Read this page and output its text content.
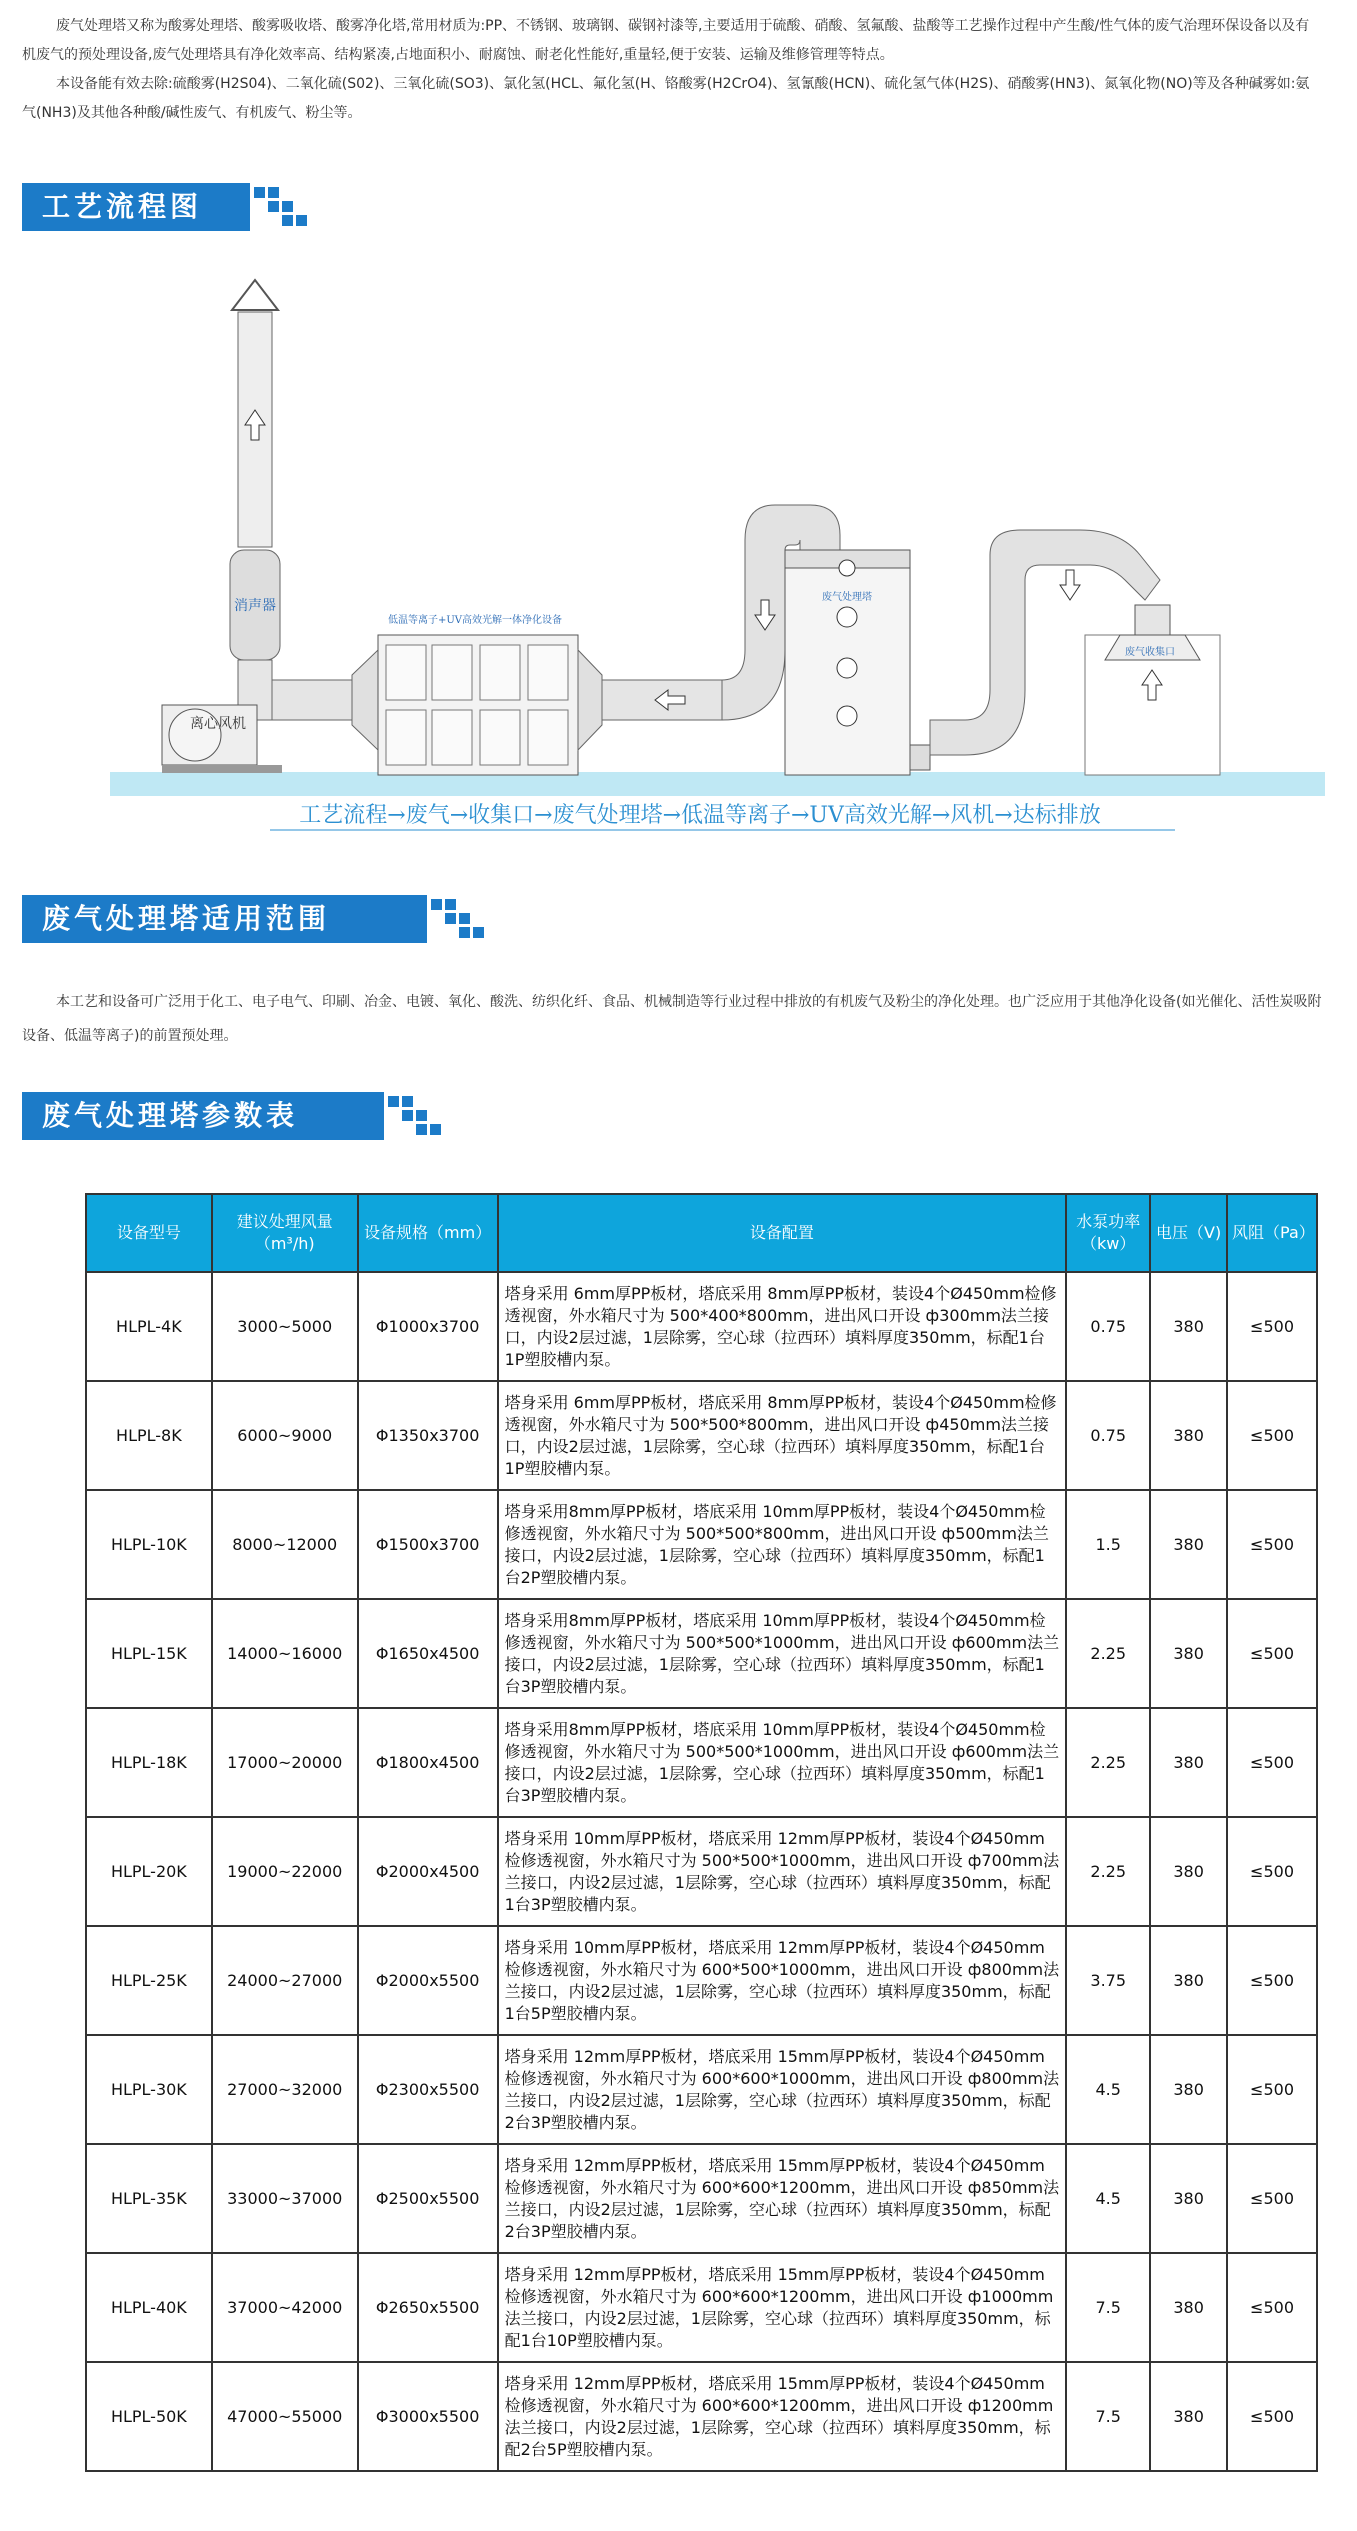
废气处理塔又称为酸雾处理塔、酸雾吸收塔、酸雾净化塔,常用材质为:PP、不锈钢、玻璃钢、碳钢衬漆等,主要适用于硫酸、硝酸、氢氟酸、盐酸等工艺操作过程中产生酸/性气体的废气治理环保设备以及有机废气的预处理设备,废气处理塔具有净化效率高、结构紧凑,占地面积小、耐腐蚀、耐老化性能好,重量轻,便于安装、运输及维修管理等特点。

本设备能有效去除:硫酸雾(H2S04)、二氧化硫(S02)、三氧化硫(SO3)、氯化氢(HCL、氟化氢(H、铬酸雾(H2CrO4)、氢氰酸(HCN)、硫化氢气体(H2S)、硝酸雾(HN3)、氮氧化物(NO)等及各种碱雾如:氨气(NH3)及其他各种酸/碱性废气、有机废气、粉尘等。

工艺流程图
消声器
离心风机
低温等离子+UV高效光解一体净化设备
废气处理塔
废气收集口
工艺流程→废气→收集口→废气处理塔→低温等离子→UV高效光解→风机→达标排放
废气处理塔适用范围

本工艺和设备可广泛用于化工、电子电气、印刷、冶金、电镀、氧化、酸洗、纺织化纤、食品、机械制造等行业过程中排放的有机废气及粉尘的净化处理。也广泛应用于其他净化设备(如光催化、活性炭吸附设备、低温等离子)的前置预处理。

废气处理塔参数表
设备型号	建议处理风量（m³/h)	设备规格（mm）	设备配置	水泵功率（kw）	电压（V)	风阻（Pa）
HLPL-4K	3000~5000	Φ1000x3700	塔身采用 6mm厚PP板材，塔底采用 8mm厚PP板材，装设4个Ø450mm检修透视窗，外水箱尺寸为 500*400*800mm，进出风口开设 ф300mm法兰接口，内设2层过滤，1层除雾，空心球（拉西环）填料厚度350mm，标配1台1P塑胶槽内泵。	0.75	380	≤500
HLPL-8K	6000~9000	Φ1350x3700	塔身采用 6mm厚PP板材，塔底采用 8mm厚PP板材，装设4个Ø450mm检修透视窗，外水箱尺寸为 500*500*800mm，进出风口开设 ф450mm法兰接口，内设2层过滤，1层除雾，空心球（拉西环）填料厚度350mm，标配1台1P塑胶槽内泵。	0.75	380	≤500
HLPL-10K	8000~12000	Φ1500x3700	塔身采用8mm厚PP板材，塔底采用 10mm厚PP板材，装设4个Ø450mm检修透视窗，外水箱尺寸为 500*500*800mm，进出风口开设 ф500mm法兰接口，内设2层过滤，1层除雾，空心球（拉西环）填料厚度350mm，标配1台2P塑胶槽内泵。	1.5	380	≤500
HLPL-15K	14000~16000	Φ1650x4500	塔身采用8mm厚PP板材，塔底采用 10mm厚PP板材，装设4个Ø450mm检修透视窗，外水箱尺寸为 500*500*1000mm，进出风口开设 ф600mm法兰接口，内设2层过滤，1层除雾，空心球（拉西环）填料厚度350mm，标配1台3P塑胶槽内泵。	2.25	380	≤500
HLPL-18K	17000~20000	Φ1800x4500	塔身采用8mm厚PP板材，塔底采用 10mm厚PP板材，装设4个Ø450mm检修透视窗，外水箱尺寸为 500*500*1000mm，进出风口开设 ф600mm法兰接口，内设2层过滤，1层除雾，空心球（拉西环）填料厚度350mm，标配1台3P塑胶槽内泵。	2.25	380	≤500
HLPL-20K	19000~22000	Φ2000x4500	塔身采用 10mm厚PP板材，塔底采用 12mm厚PP板材，装设4个Ø450mm检修透视窗，外水箱尺寸为 500*500*1000mm，进出风口开设 ф700mm法兰接口，内设2层过滤，1层除雾，空心球（拉西环）填料厚度350mm，标配1台3P塑胶槽内泵。	2.25	380	≤500
HLPL-25K	24000~27000	Φ2000x5500	塔身采用 10mm厚PP板材，塔底采用 12mm厚PP板材，装设4个Ø450mm检修透视窗，外水箱尺寸为 600*500*1000mm，进出风口开设 ф800mm法兰接口，内设2层过滤，1层除雾，空心球（拉西环）填料厚度350mm，标配1台5P塑胶槽内泵。	3.75	380	≤500
HLPL-30K	27000~32000	Φ2300x5500	塔身采用 12mm厚PP板材，塔底采用 15mm厚PP板材，装设4个Ø450mm检修透视窗，外水箱尺寸为 600*600*1000mm，进出风口开设 ф800mm法兰接口，内设2层过滤，1层除雾，空心球（拉西环）填料厚度350mm，标配2台3P塑胶槽内泵。	4.5	380	≤500
HLPL-35K	33000~37000	Φ2500x5500	塔身采用 12mm厚PP板材，塔底采用 15mm厚PP板材，装设4个Ø450mm检修透视窗，外水箱尺寸为 600*600*1200mm，进出风口开设 ф850mm法兰接口，内设2层过滤，1层除雾，空心球（拉西环）填料厚度350mm，标配2台3P塑胶槽内泵。	4.5	380	≤500
HLPL-40K	37000~42000	Φ2650x5500	塔身采用 12mm厚PP板材，塔底采用 15mm厚PP板材，装设4个Ø450mm检修透视窗，外水箱尺寸为 600*600*1200mm，进出风口开设 ф1000mm法兰接口，内设2层过滤，1层除雾，空心球（拉西环）填料厚度350mm，标配1台10P塑胶槽内泵。	7.5	380	≤500
HLPL-50K	47000~55000	Φ3000x5500	塔身采用 12mm厚PP板材，塔底采用 15mm厚PP板材，装设4个Ø450mm检修透视窗，外水箱尺寸为 600*600*1200mm，进出风口开设 ф1200mm法兰接口，内设2层过滤，1层除雾，空心球（拉西环）填料厚度350mm，标配2台5P塑胶槽内泵。	7.5	380	≤500
